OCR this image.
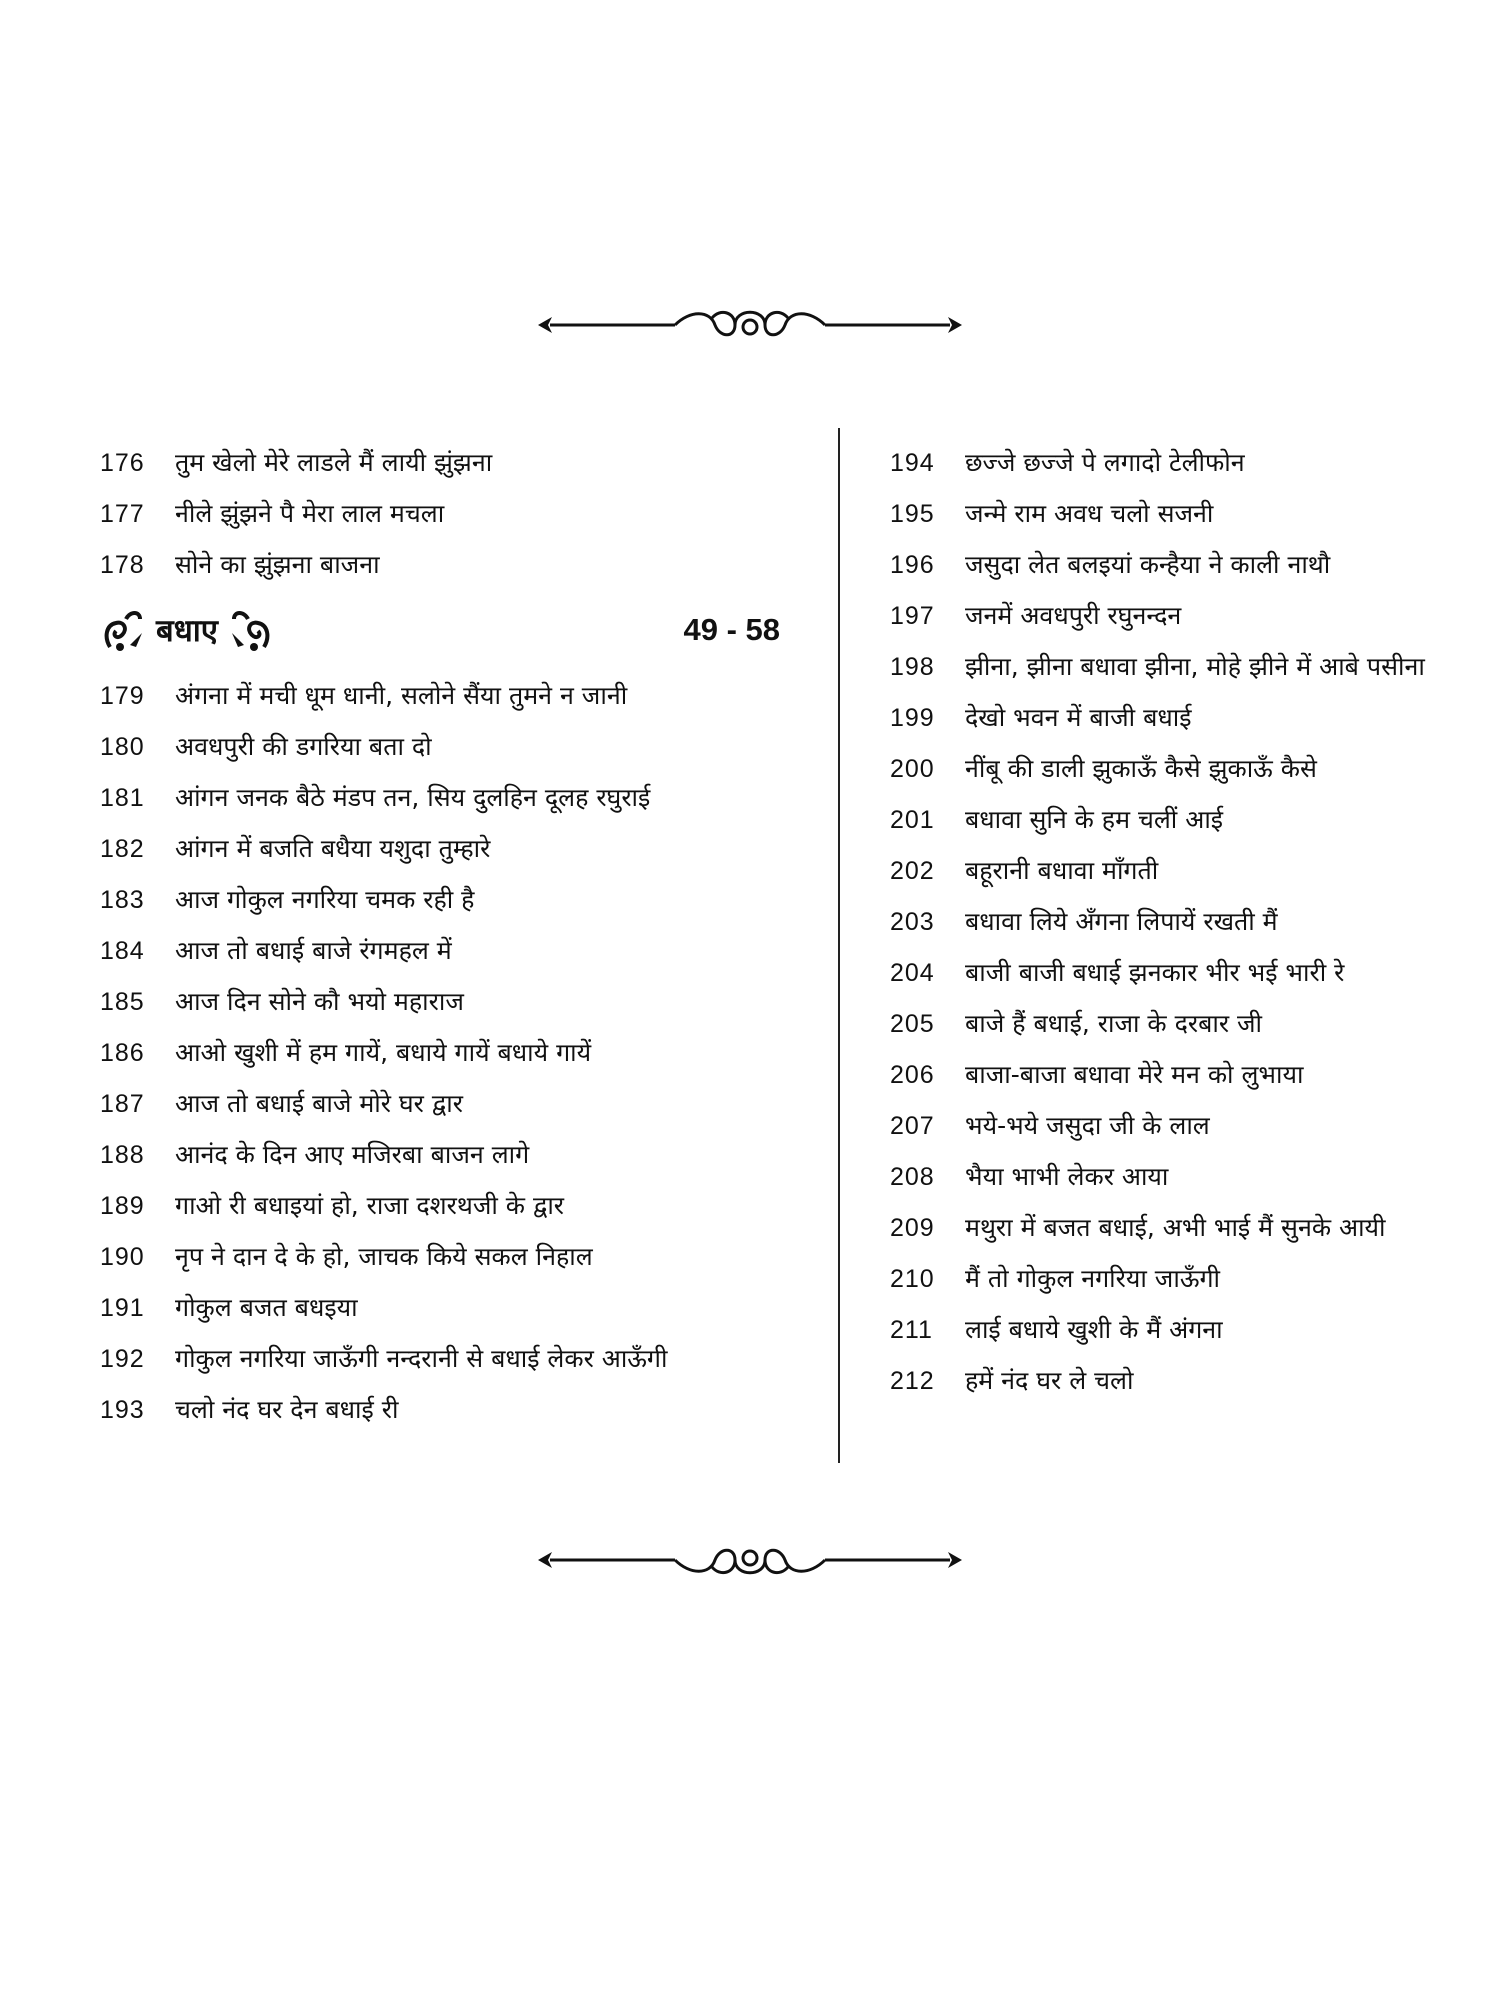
176	तुम खेलो मेरे लाडले मैं लायी झुंझना
177	नीले झुंझने पै मेरा लाल मचला
178	सोने का झुंझना बाजना
बधाए	49 - 58
179	अंगना में मची धूम धानी, सलोने सैंया तुमने न जानी
180	अवधपुरी की डगरिया बता दो
181	आंगन जनक बैठे मंडप तन, सिय दुलहिन दूलह रघुराई
182	आंगन में बजति बधैया यशुदा तुम्हारे
183	आज गोकुल नगरिया चमक रही है
184	आज तो बधाई बाजे रंगमहल में
185	आज दिन सोने कौ भयो महाराज
186	आओ खुशी में हम गायें, बधाये गायें बधाये गायें
187	आज तो बधाई बाजे मोरे घर द्वार
188	आनंद के दिन आए मजिरबा बाजन लागे
189	गाओ री बधाइयां हो, राजा दशरथजी के द्वार
190	नृप ने दान दे के हो, जाचक किये सकल निहाल
191	गोकुल बजत बधइया
192	गोकुल नगरिया जाऊँगी नन्दरानी से बधाई लेकर आऊँगी
193	चलो नंद घर देन बधाई री
194	छज्जे छज्जे पे लगादो टेलीफोन
195	जन्मे राम अवध चलो सजनी
196	जसुदा लेत बलइयां कन्हैया ने काली नाथौ
197	जनमें अवधपुरी रघुनन्दन
198	झीना, झीना बधावा झीना, मोहे झीने में आबे पसीना
199	देखो भवन में बाजी बधाई
200	नींबू की डाली झुकाऊँ कैसे झुकाऊँ कैसे
201	बधावा सुनि के हम चलीं आई
202	बहूरानी बधावा माँगती
203	बधावा लिये अँगना लिपायें रखती मैं
204	बाजी बाजी बधाई झनकार भीर भई भारी रे
205	बाजे हैं बधाई, राजा के दरबार जी
206	बाजा-बाजा बधावा मेरे मन को लुभाया
207	भये-भये जसुदा जी के लाल
208	भैया भाभी लेकर आया
209	मथुरा में बजत बधाई, अभी भाई मैं सुनके आयी
210	मैं तो गोकुल नगरिया जाऊँगी
211	लाई बधाये खुशी के मैं अंगना
212	हमें नंद घर ले चलो
